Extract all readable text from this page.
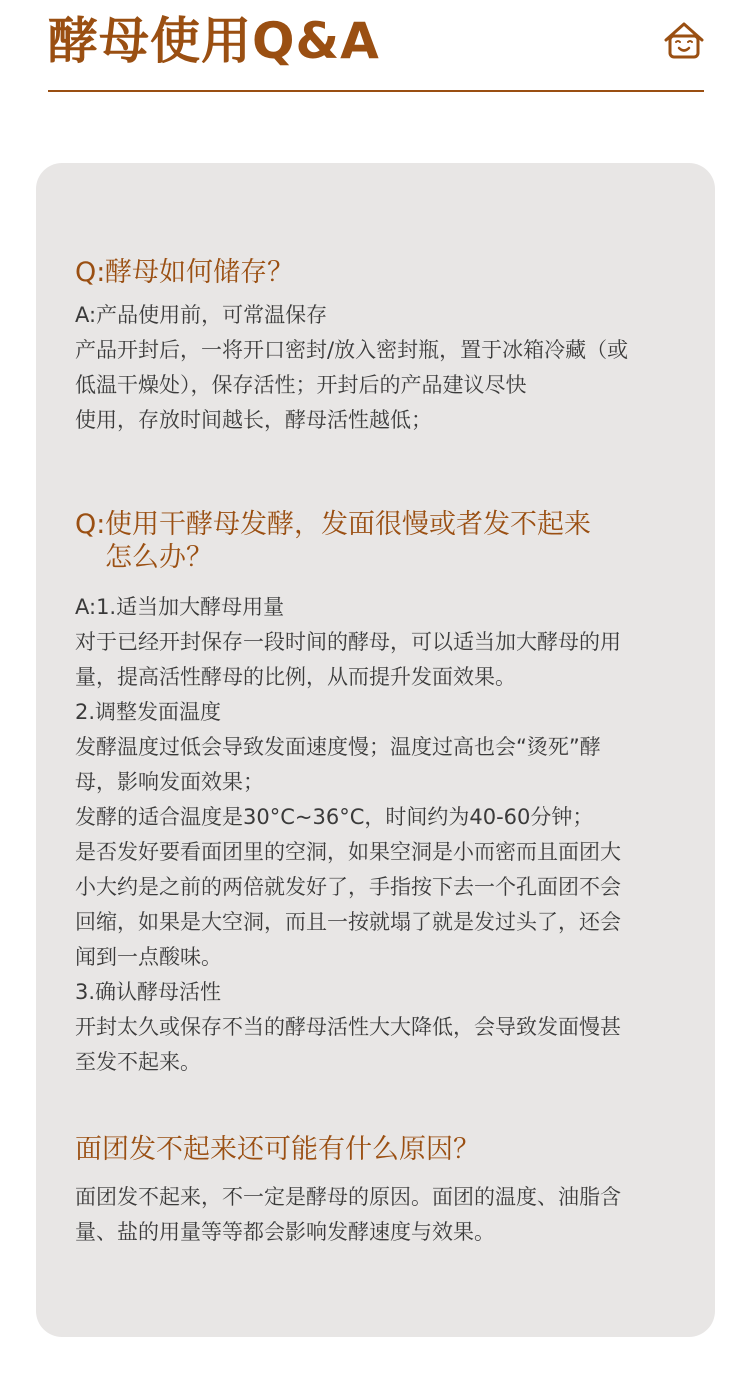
酵母使用Q&A

Q:酵母如何储存？

A:产品使用前，可常温保存

产品开封后，一将开口密封/放入密封瓶，置于冰箱冷藏（或

低温干燥处），保存活性；开封后的产品建议尽快

使用，存放时间越长，酵母活性越低；

Q: 使用干酵母发酵，发面很慢或者发不起来
怎么办？

A:1.适当加大酵母用量

对于已经开封保存一段时间的酵母，可以适当加大酵母的用

量，提高活性酵母的比例，从而提升发面效果。

2.调整发面温度

发酵温度过低会导致发面速度慢；温度过高也会“烫死”酵

母，影响发面效果；

发酵的适合温度是30°C~36°C，时间约为40-60分钟；

是否发好要看面团里的空洞，如果空洞是小而密而且面团大

小大约是之前的两倍就发好了，手指按下去一个孔面团不会

回缩，如果是大空洞，而且一按就塌了就是发过头了，还会

闻到一点酸味。

3.确认酵母活性

开封太久或保存不当的酵母活性大大降低，会导致发面慢甚

至发不起来。

面团发不起来还可能有什么原因？

面团发不起来，不一定是酵母的原因。面团的温度、油脂含

量、盐的用量等等都会影响发酵速度与效果。
